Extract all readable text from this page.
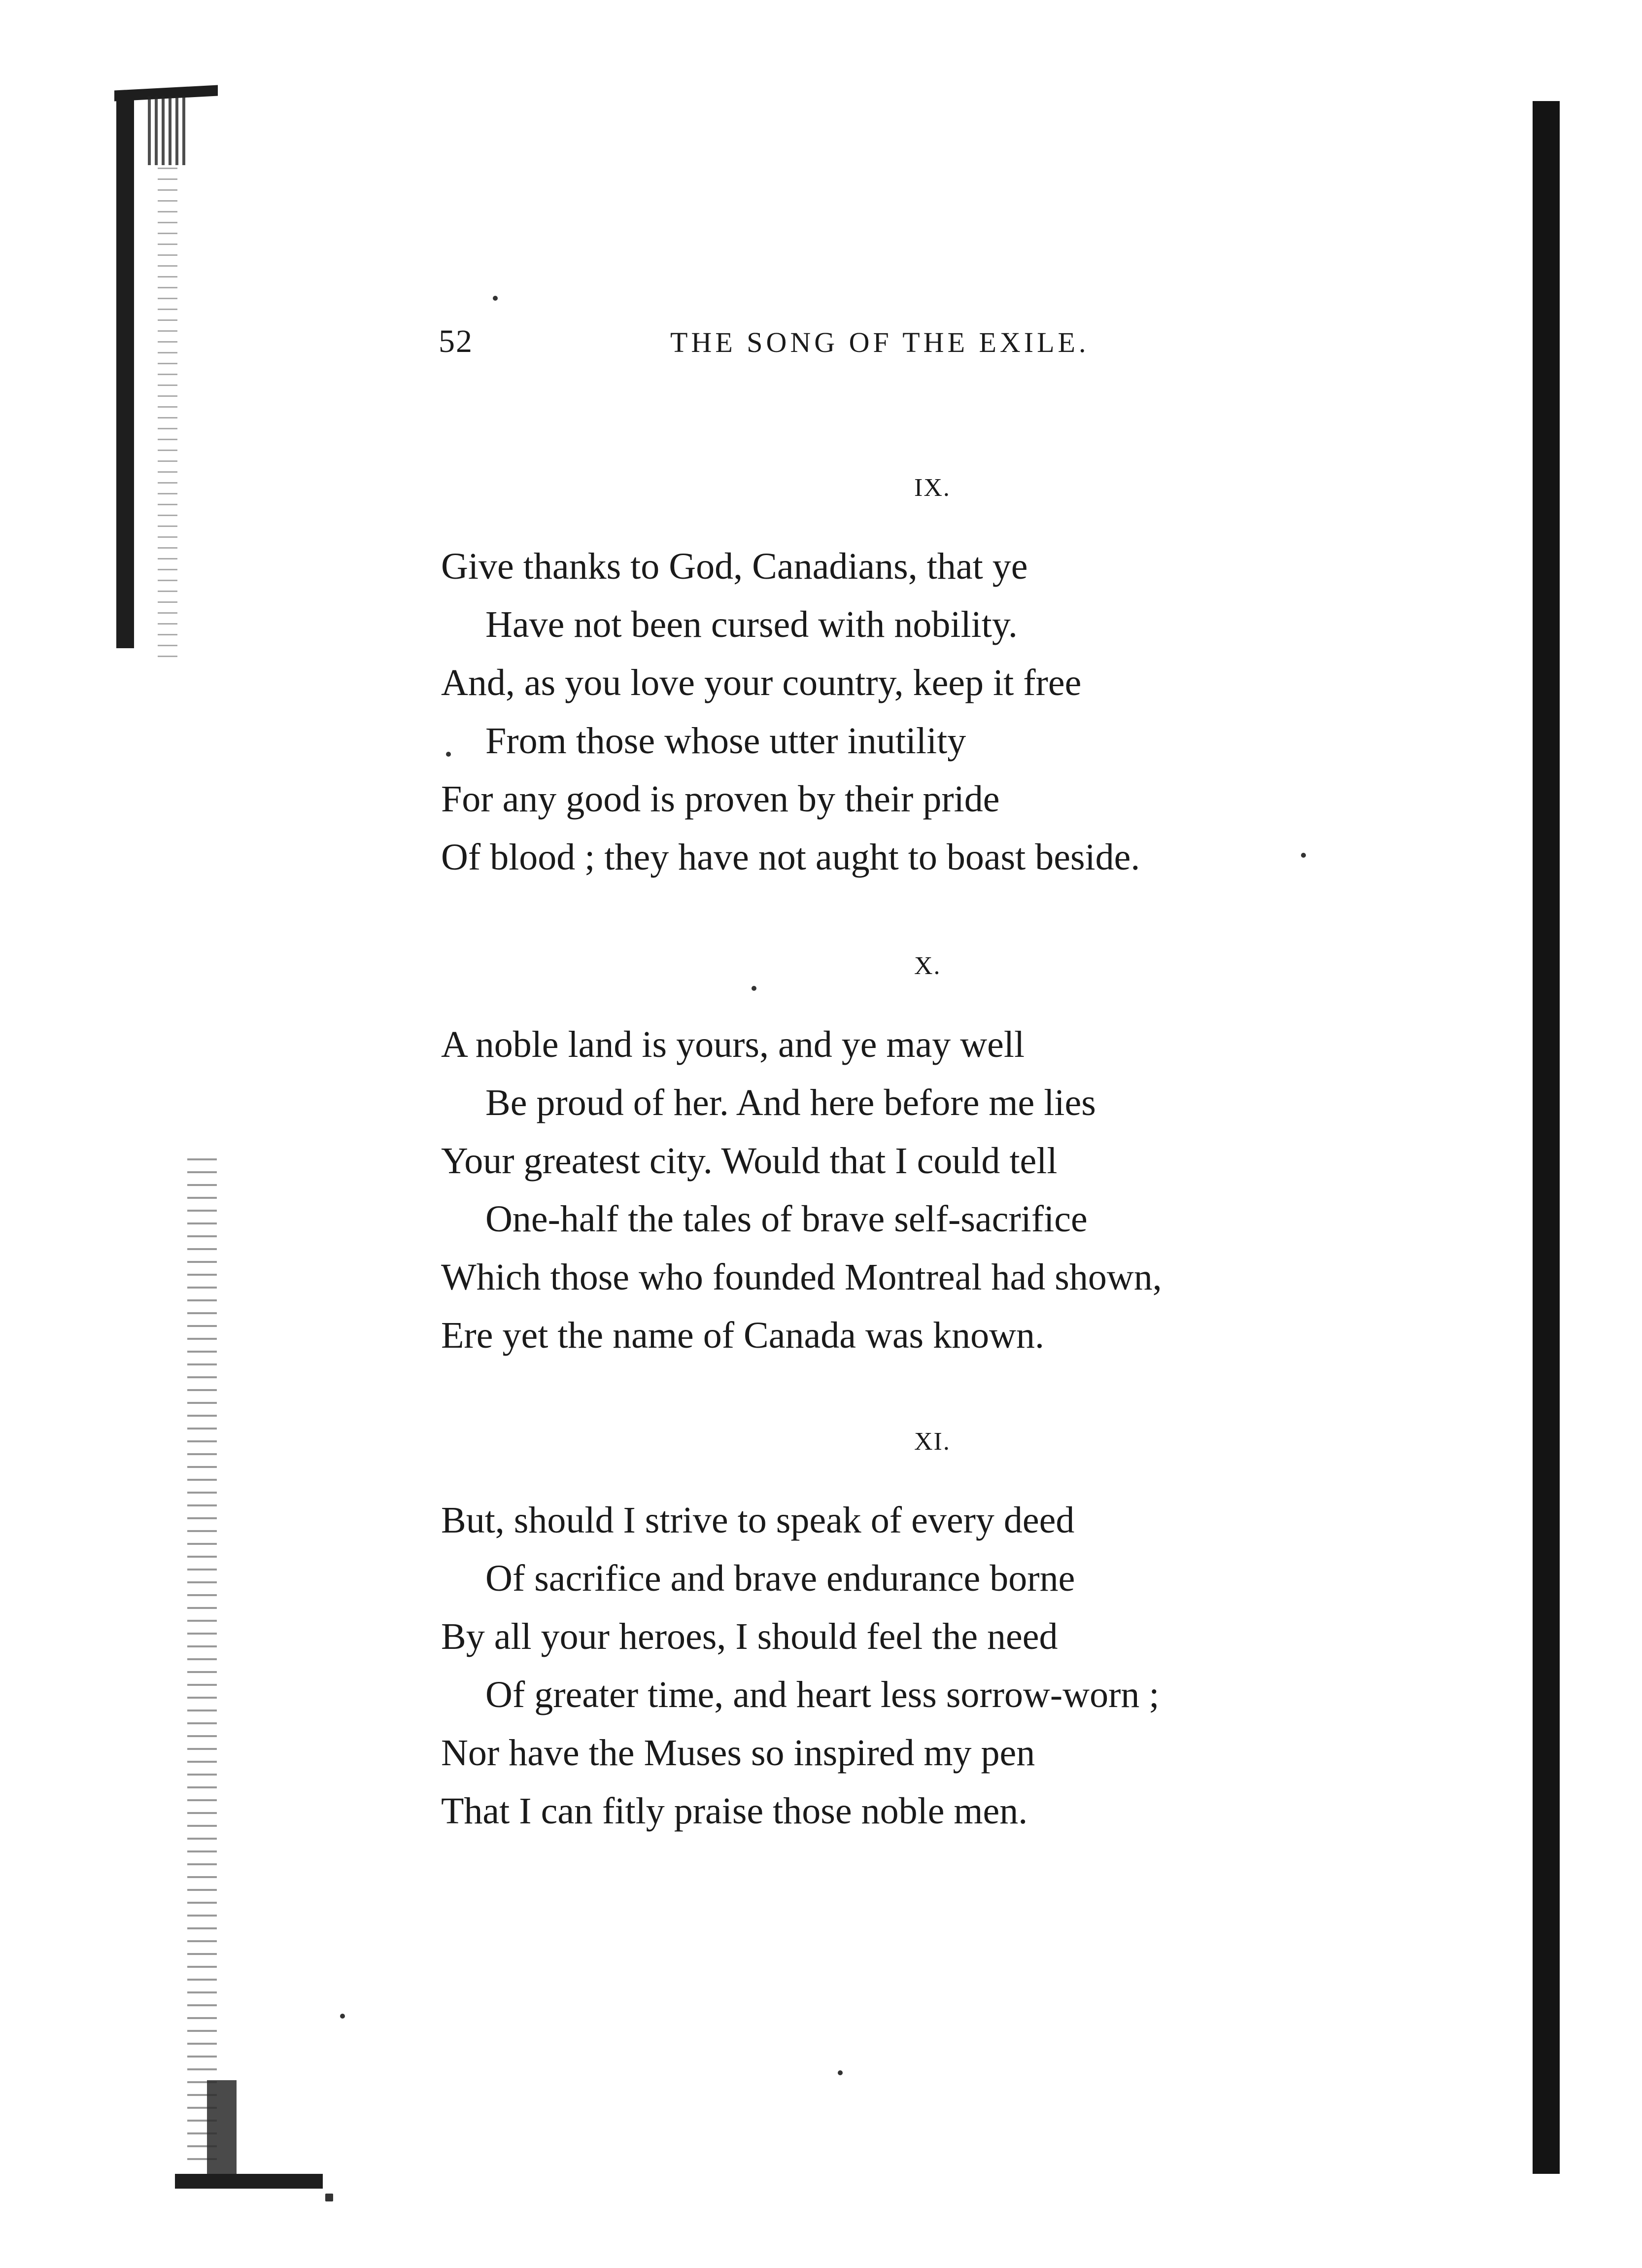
52	THE SONG OF THE EXILE.
IX.
Give thanks to God, Canadians, that ye
Have not been cursed with nobility.
And, as you love your country, keep it free
From those whose utter inutility
For any good is proven by their pride
Of blood ; they have not aught to boast beside.
X.
A noble land is yours, and ye may well
Be proud of her. And here before me lies
Your greatest city. Would that I could tell
One-half the tales of brave self-sacrifice
Which those who founded Montreal had shown,
Ere yet the name of Canada was known.
XI.
But, should I strive to speak of every deed
Of sacrifice and brave endurance borne
By all your heroes, I should feel the need
Of greater time, and heart less sorrow-worn ;
Nor have the Muses so inspired my pen
That I can fitly praise those noble men.
